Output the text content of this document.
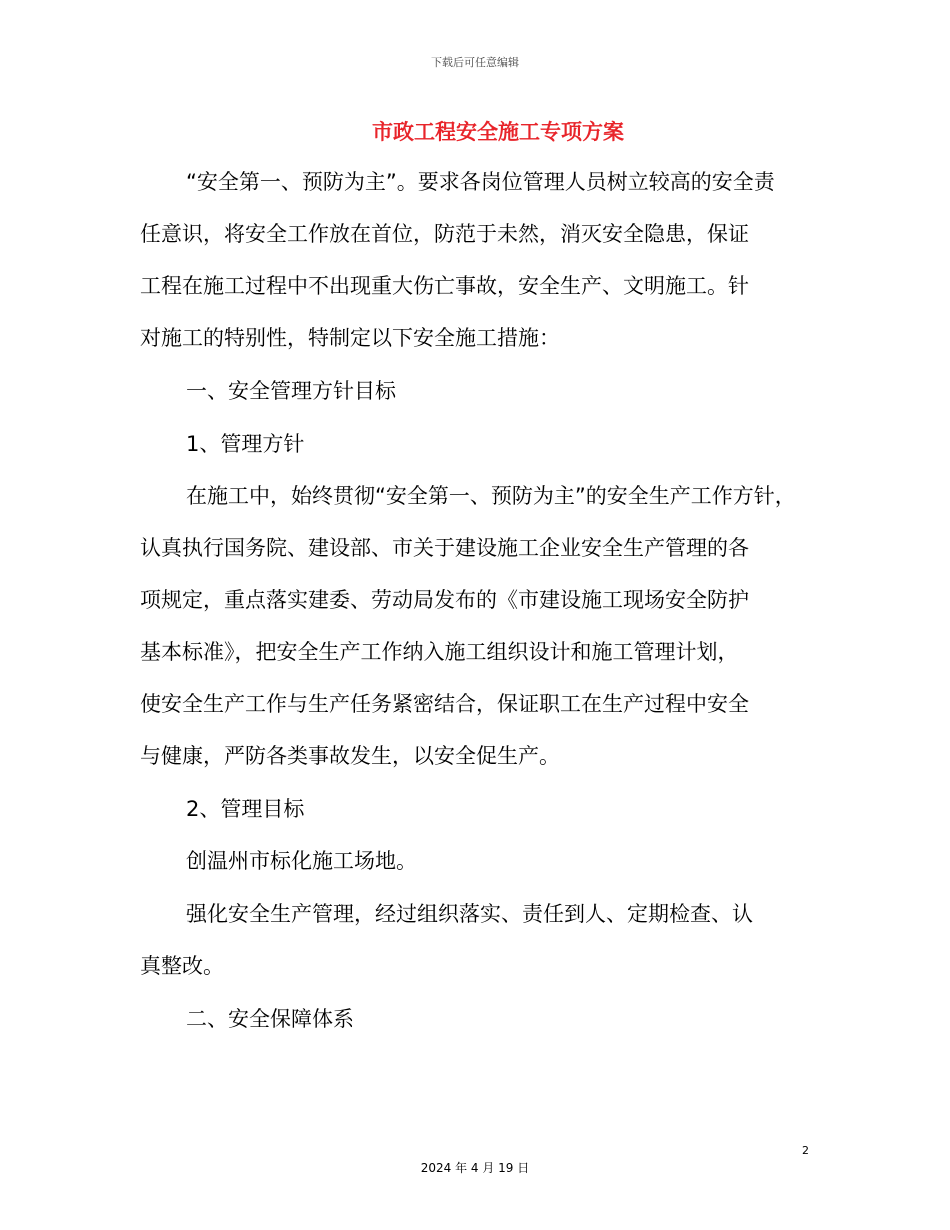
下载后可任意编辑
市政工程安全施工专项方案
“安全第一、预防为主”。要求各岗位管理人员树立较高的安全责
任意识，将安全工作放在首位，防范于未然，消灭安全隐患，保证
工程在施工过程中不出现重大伤亡事故，安全生产、文明施工。针
对施工的特别性，特制定以下安全施工措施：
一、安全管理方针目标
1、管理方针
在施工中，始终贯彻“安全第一、预防为主”的安全生产工作方针，
认真执行国务院、建设部、市关于建设施工企业安全生产管理的各
项规定，重点落实建委、劳动局发布的《市建设施工现场安全防护
基本标准》，把安全生产工作纳入施工组织设计和施工管理计划，
使安全生产工作与生产任务紧密结合，保证职工在生产过程中安全
与健康，严防各类事故发生，以安全促生产。
2、管理目标
创温州市标化施工场地。
强化安全生产管理，经过组织落实、责任到人、定期检查、认
真整改。
二、安全保障体系
2
2024 年 4 月 19 日
